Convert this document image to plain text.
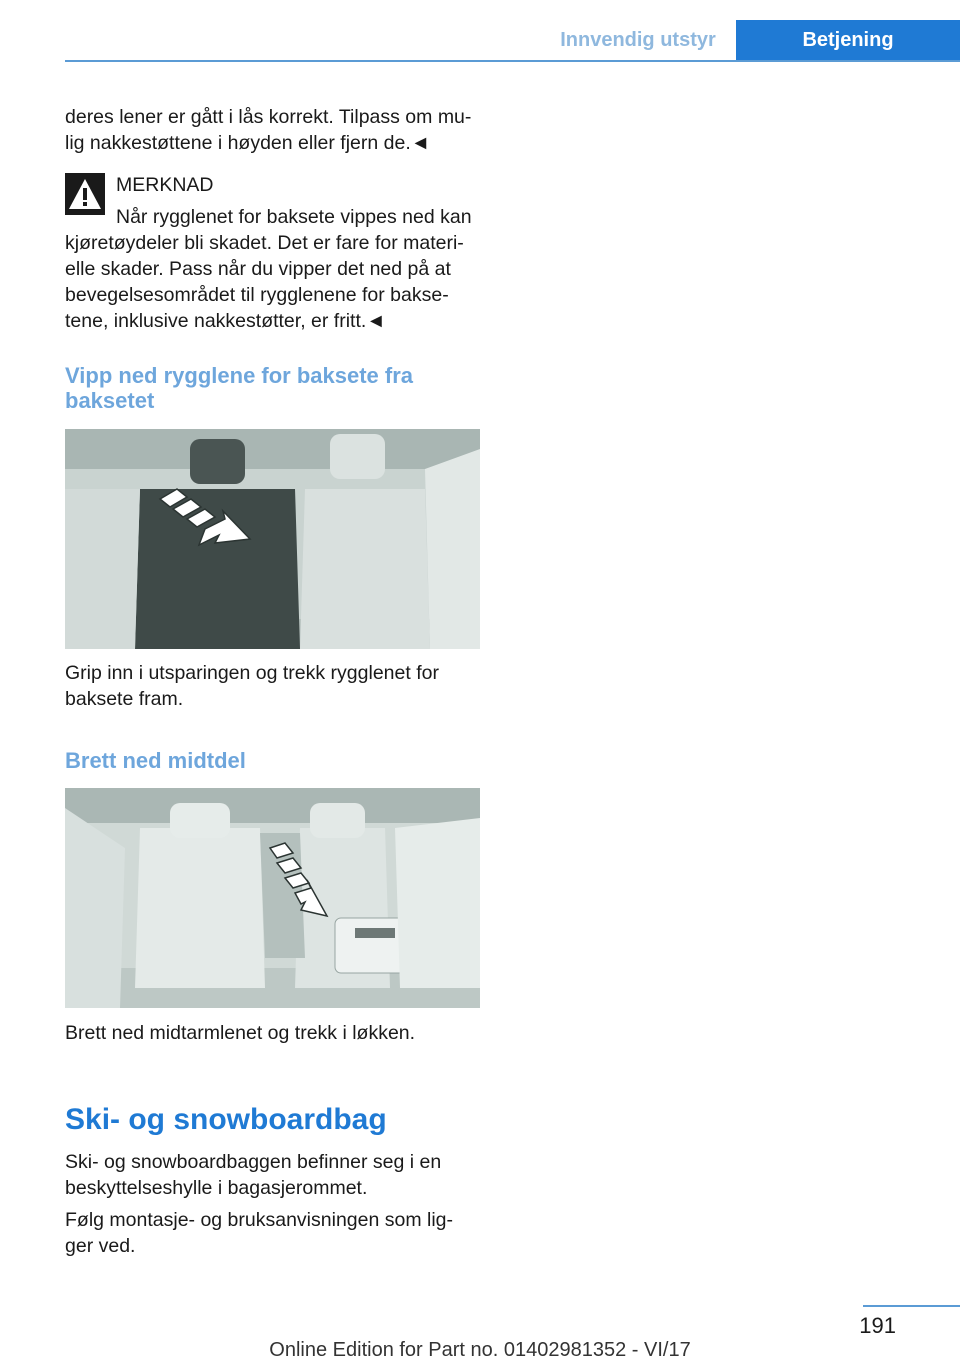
Innvendig utstyr	Betjening

deres lener er gått i lås korrekt. Tilpass om mu-lig nakkestøttene i høyden eller fjern de.◄

MERKNAD

Når rygglenet for baksete vippes ned kan kjøretøydeler bli skadet. Det er fare for materi-elle skader. Pass når du vipper det ned på at bevegelsesområdet til rygglenene for bakse-tene, inklusive nakkestøtter, er fritt.◄

Vipp ned rygglene for baksete fra baksetet

Grip inn i utsparingen og trekk rygglenet for baksete fram.

Brett ned midtdel

Brett ned midtarmlenet og trekk i løkken.

Ski- og snowboardbag

Ski- og snowboardbaggen befinner seg i en beskyttelseshylle i bagasjerommet.

Følg montasje- og bruksanvisningen som lig-ger ved.

191
Online Edition for Part no. 01402981352 - VI/17
